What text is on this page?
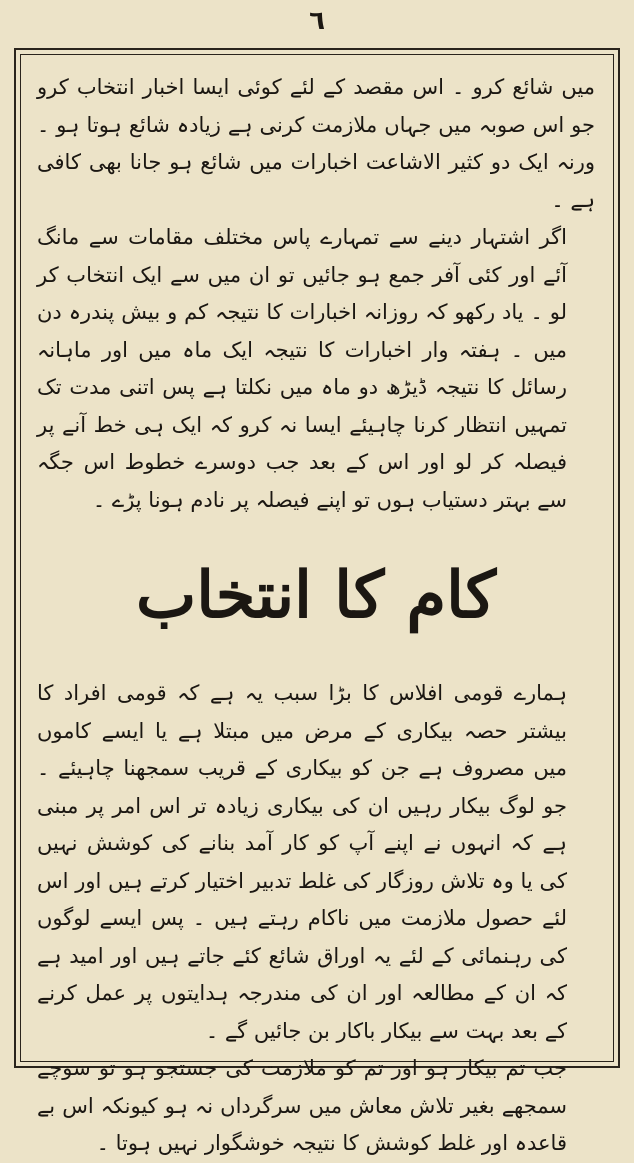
٦

میں شائع کرو ۔ اس مقصد کے لئے کوئی ایسا اخبار انتخاب کرو جو اس صوبہ میں جہاں ملازمت کرنی ہے زیادہ شائع ہوتا ہو ۔ ورنہ ایک دو کثیر الاشاعت اخبارات میں شائع ہو جانا بھی کافی ہے ۔

اگر اشتہار دینے سے تمہارے پاس مختلف مقامات سے مانگ آئے اور کئی آفر جمع ہو جائیں تو ان میں سے ایک انتخاب کر لو ۔ یاد رکھو کہ روزانہ اخبارات کا نتیجہ کم و بیش پندرہ دن میں ۔ ہفتہ وار اخبارات کا نتیجہ ایک ماہ میں اور ماہانہ رسائل کا نتیجہ ڈیڑھ دو ماہ میں نکلتا ہے پس اتنی مدت تک تمہیں انتظار کرنا چاہیئے ایسا نہ کرو کہ ایک ہی خط آنے پر فیصلہ کر لو اور اس کے بعد جب دوسرے خطوط اس جگہ سے بہتر دستیاب ہوں تو اپنے فیصلہ پر نادم ہونا پڑے ۔

کام کا انتخاب

ہمارے قومی افلاس کا بڑا سبب یہ ہے کہ قومی افراد کا بیشتر حصہ بیکاری کے مرض میں مبتلا ہے یا ایسے کاموں میں مصروف ہے جن کو بیکاری کے قریب سمجھنا چاہیئے ۔ جو لوگ بیکار رہیں ان کی بیکاری زیادہ تر اس امر پر مبنی ہے کہ انہوں نے اپنے آپ کو کار آمد بنانے کی کوشش نہیں کی یا وہ تلاش روزگار کی غلط تدبیر اختیار کرتے ہیں اور اس لئے حصول ملازمت میں ناکام رہتے ہیں ۔ پس ایسے لوگوں کی رہنمائی کے لئے یہ اوراق شائع کئے جاتے ہیں اور امید ہے کہ ان کے مطالعہ اور ان کی مندرجہ ہدایتوں پر عمل کرنے کے بعد بہت سے بیکار باکار بن جائیں گے ۔

جب تم بیکار ہو اور تم کو ملازمت کی جستجو ہو تو سوچے سمجھے بغیر تلاش معاش میں سرگرداں نہ ہو کیونکہ اس بے قاعدہ اور غلط کوشش کا نتیجہ خوشگوار نہیں ہوتا ۔
